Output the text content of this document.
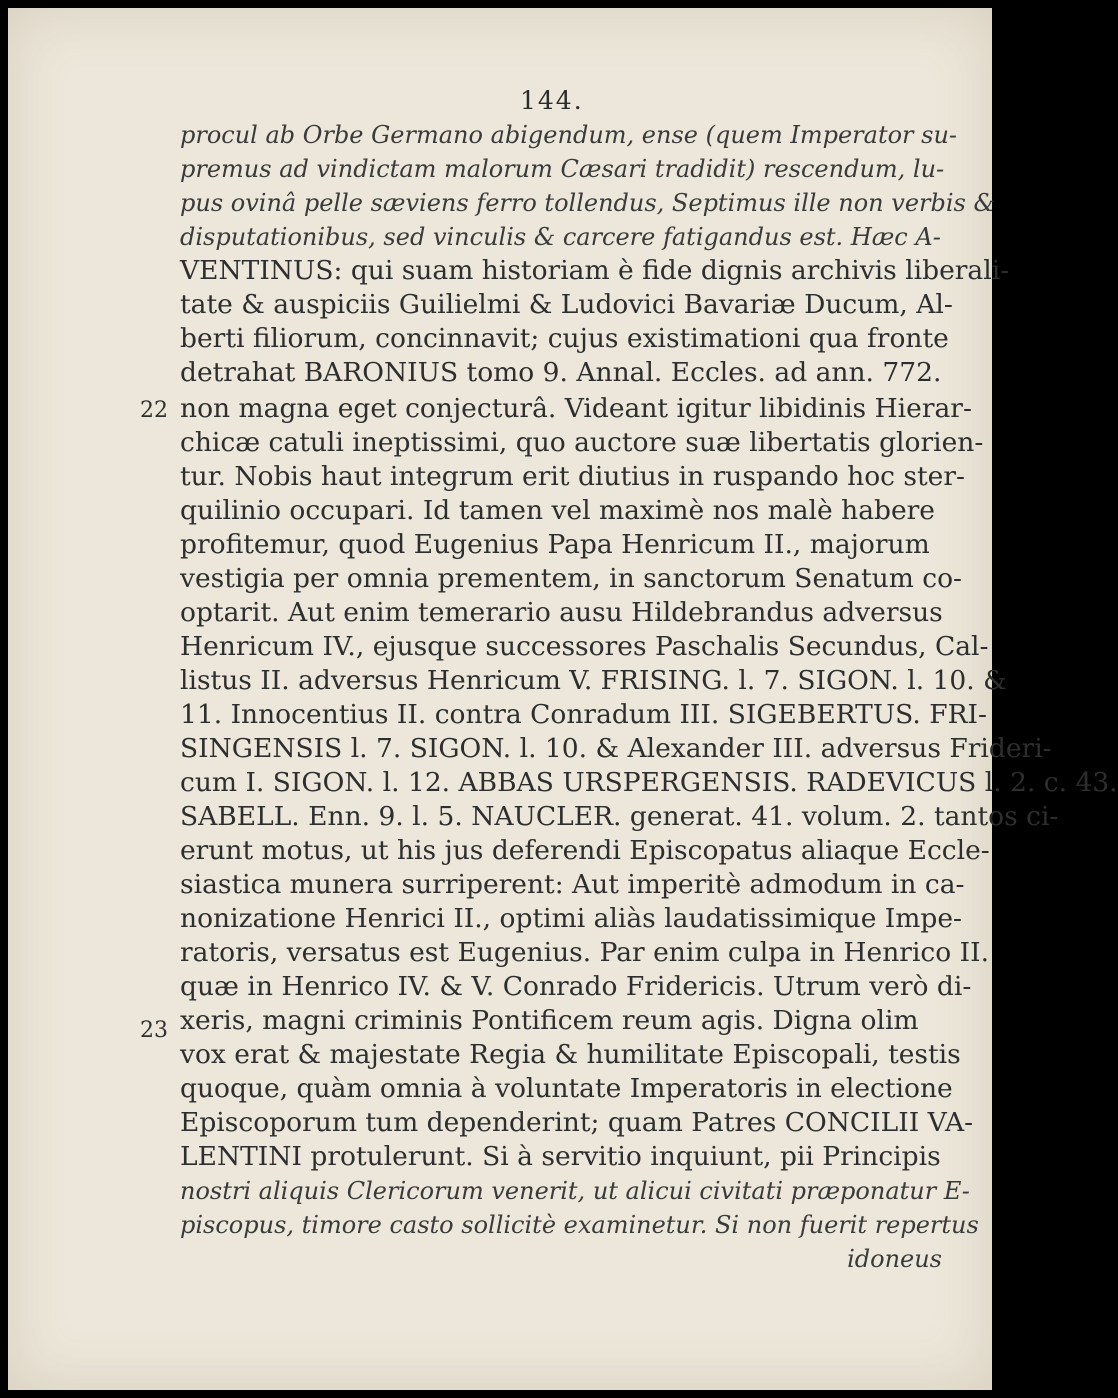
144.
22
23
procul ab Orbe Germano abigendum, ense (quem Imperator su-
premus ad vindictam malorum Cæsari tradidit) rescendum, lu-
pus ovinâ pelle sæviens ferro tollendus, Septimus ille non verbis &
disputationibus, sed vinculis & carcere fatigandus est. Hæc A-
VENTINUS: qui suam historiam è fide dignis archivis liberali-
tate & auspiciis Guilielmi & Ludovici Bavariæ Ducum, Al-
berti filiorum, concinnavit; cujus existimationi qua fronte
detrahat BARONIUS tomo 9. Annal. Eccles. ad ann. 772.
non magna eget conjecturâ. Videant igitur libidinis Hierar-
chicæ catuli ineptissimi, quo auctore suæ libertatis glorien-
tur. Nobis haut integrum erit diutius in ruspando hoc ster-
quilinio occupari. Id tamen vel maximè nos malè habere
profitemur, quod Eugenius Papa Henricum II., majorum
vestigia per omnia prementem, in sanctorum Senatum co-
optarit. Aut enim temerario ausu Hildebrandus adversus
Henricum IV., ejusque successores Paschalis Secundus, Cal-
listus II. adversus Henricum V. FRISING. l. 7. SIGON. l. 10. &
11. Innocentius II. contra Conradum III. SIGEBERTUS. FRI-
SINGENSIS l. 7. SIGON. l. 10. & Alexander III. adversus Frideri-
cum I. SIGON. l. 12. ABBAS URSPERGENSIS. RADEVICUS l. 2. c. 43.
SABELL. Enn. 9. l. 5. NAUCLER. generat. 41. volum. 2. tantos ci-
erunt motus, ut his jus deferendi Episcopatus aliaque Eccle-
siastica munera surriperent: Aut imperitè admodum in ca-
nonizatione Henrici II., optimi aliàs laudatissimique Impe-
ratoris, versatus est Eugenius. Par enim culpa in Henrico II.
quæ in Henrico IV. & V. Conrado Fridericis. Utrum verò di-
xeris, magni criminis Pontificem reum agis. Digna olim
vox erat & majestate Regia & humilitate Episcopali, testis
quoque, quàm omnia à voluntate Imperatoris in electione
Episcoporum tum dependerint; quam Patres CONCILII VA-
LENTINI protulerunt. Si à servitio inquiunt, pii Principis
nostri aliquis Clericorum venerit, ut alicui civitati præponatur E-
piscopus, timore casto sollicitè examinetur. Si non fuerit repertus
idoneus
